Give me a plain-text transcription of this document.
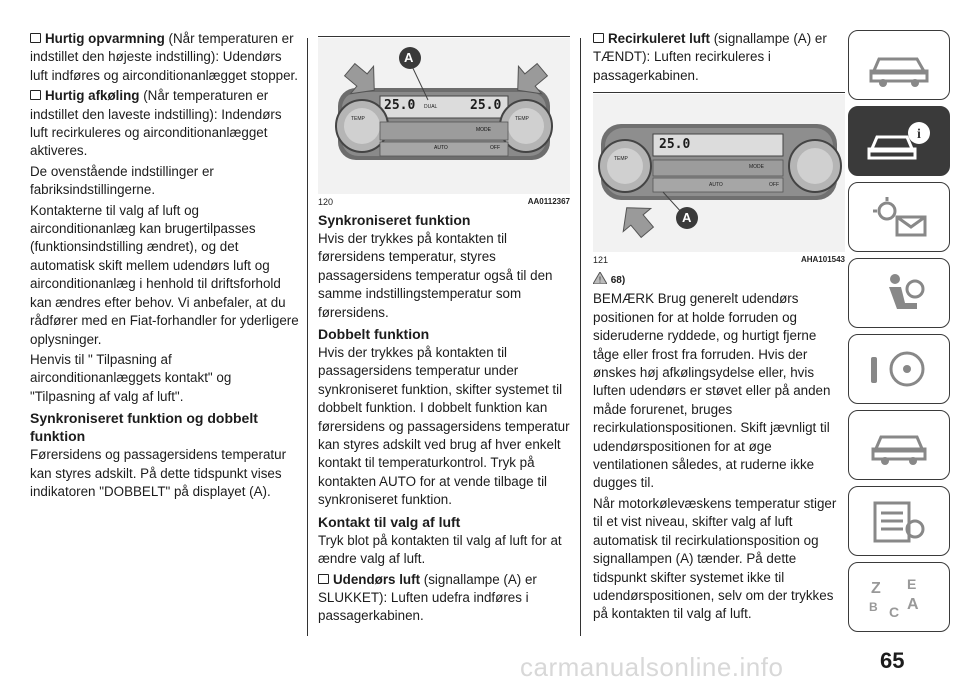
Hurtig opvarmning (Når temperaturen er indstillet den højeste indstilling): Udendørs luft indføres og airconditionanlægget stopper.

Hurtig afkøling (Når temperaturen er indstillet den laveste indstilling): Indendørs luft recirkuleres og airconditionanlægget aktiveres.

De ovenstående indstillinger er fabriksindstillingerne.

Kontakterne til valg af luft og airconditionanlæg kan brugertilpasses (funktionsindstilling ændret), og det automatisk skift mellem udendørs luft og airconditionanlæg i henhold til driftsforhold kan ændres efter behov. Vi anbefaler, at du rådfører med en Fiat-forhandler for yderligere oplysninger.

Henvis til " Tilpasning af airconditionanlæggets kontakt" og "Tilpasning af valg af luft".

Synkroniseret funktion og dobbelt funktion

Førersidens og passagersidens temperatur kan styres adskilt. På dette tidspunkt vises indikatoren "DOBBELT" på displayet (A).

A
25.0 DUAL	25.0
TEMP	TEMP
MODE
AUTO	OFF
120	AA0112367
Synkroniseret funktion

Hvis der trykkes på kontakten til førersidens temperatur, styres passagersidens temperatur også til den samme indstillingstemperatur som førersidens.

Dobbelt funktion

Hvis der trykkes på kontakten til passagersidens temperatur under synkroniseret funktion, skifter systemet til dobbelt funktion. I dobbelt funktion kan førersidens og passagersidens temperatur kan styres adskilt ved brug af hver enkelt kontakt til temperaturkontrol. Tryk på kontakten AUTO for at vende tilbage til synkroniseret funktion.

Kontakt til valg af luft

Tryk blot på kontakten til valg af luft for at ændre valg af luft.

Udendørs luft (signallampe (A) er SLUKKET): Luften udefra indføres i passagerkabinen.

Recirkuleret luft (signallampe (A) er TÆNDT): Luften recirkuleres i passagerkabinen.

A
25.0
TEMP
MODE
AUTO	OFF
121	AHA101543

! 68)

BEMÆRK Brug generelt udendørs positionen for at holde forruden og sideruderne ryddede, og hurtigt fjerne tåge eller frost fra forruden. Hvis der ønskes høj afkølingsydelse eller, hvis luften udendørs er støvet eller på anden måde forurenet, bruges recirkulationspositionen. Skift jævnligt til udendørspositionen for at øge ventilationen således, at ruderne ikke dugges til.

Når motorkølevæskens temperatur stiger til et vist niveau, skifter valg af luft automatisk til recirkulationsposition og signallampen (A) tænder. På dette tidspunkt skifter systemet ikke til udendørspositionen, selv om der trykkes på kontakten til valg af luft.

i
Z E
B C A
carmanualsonline.info	65
